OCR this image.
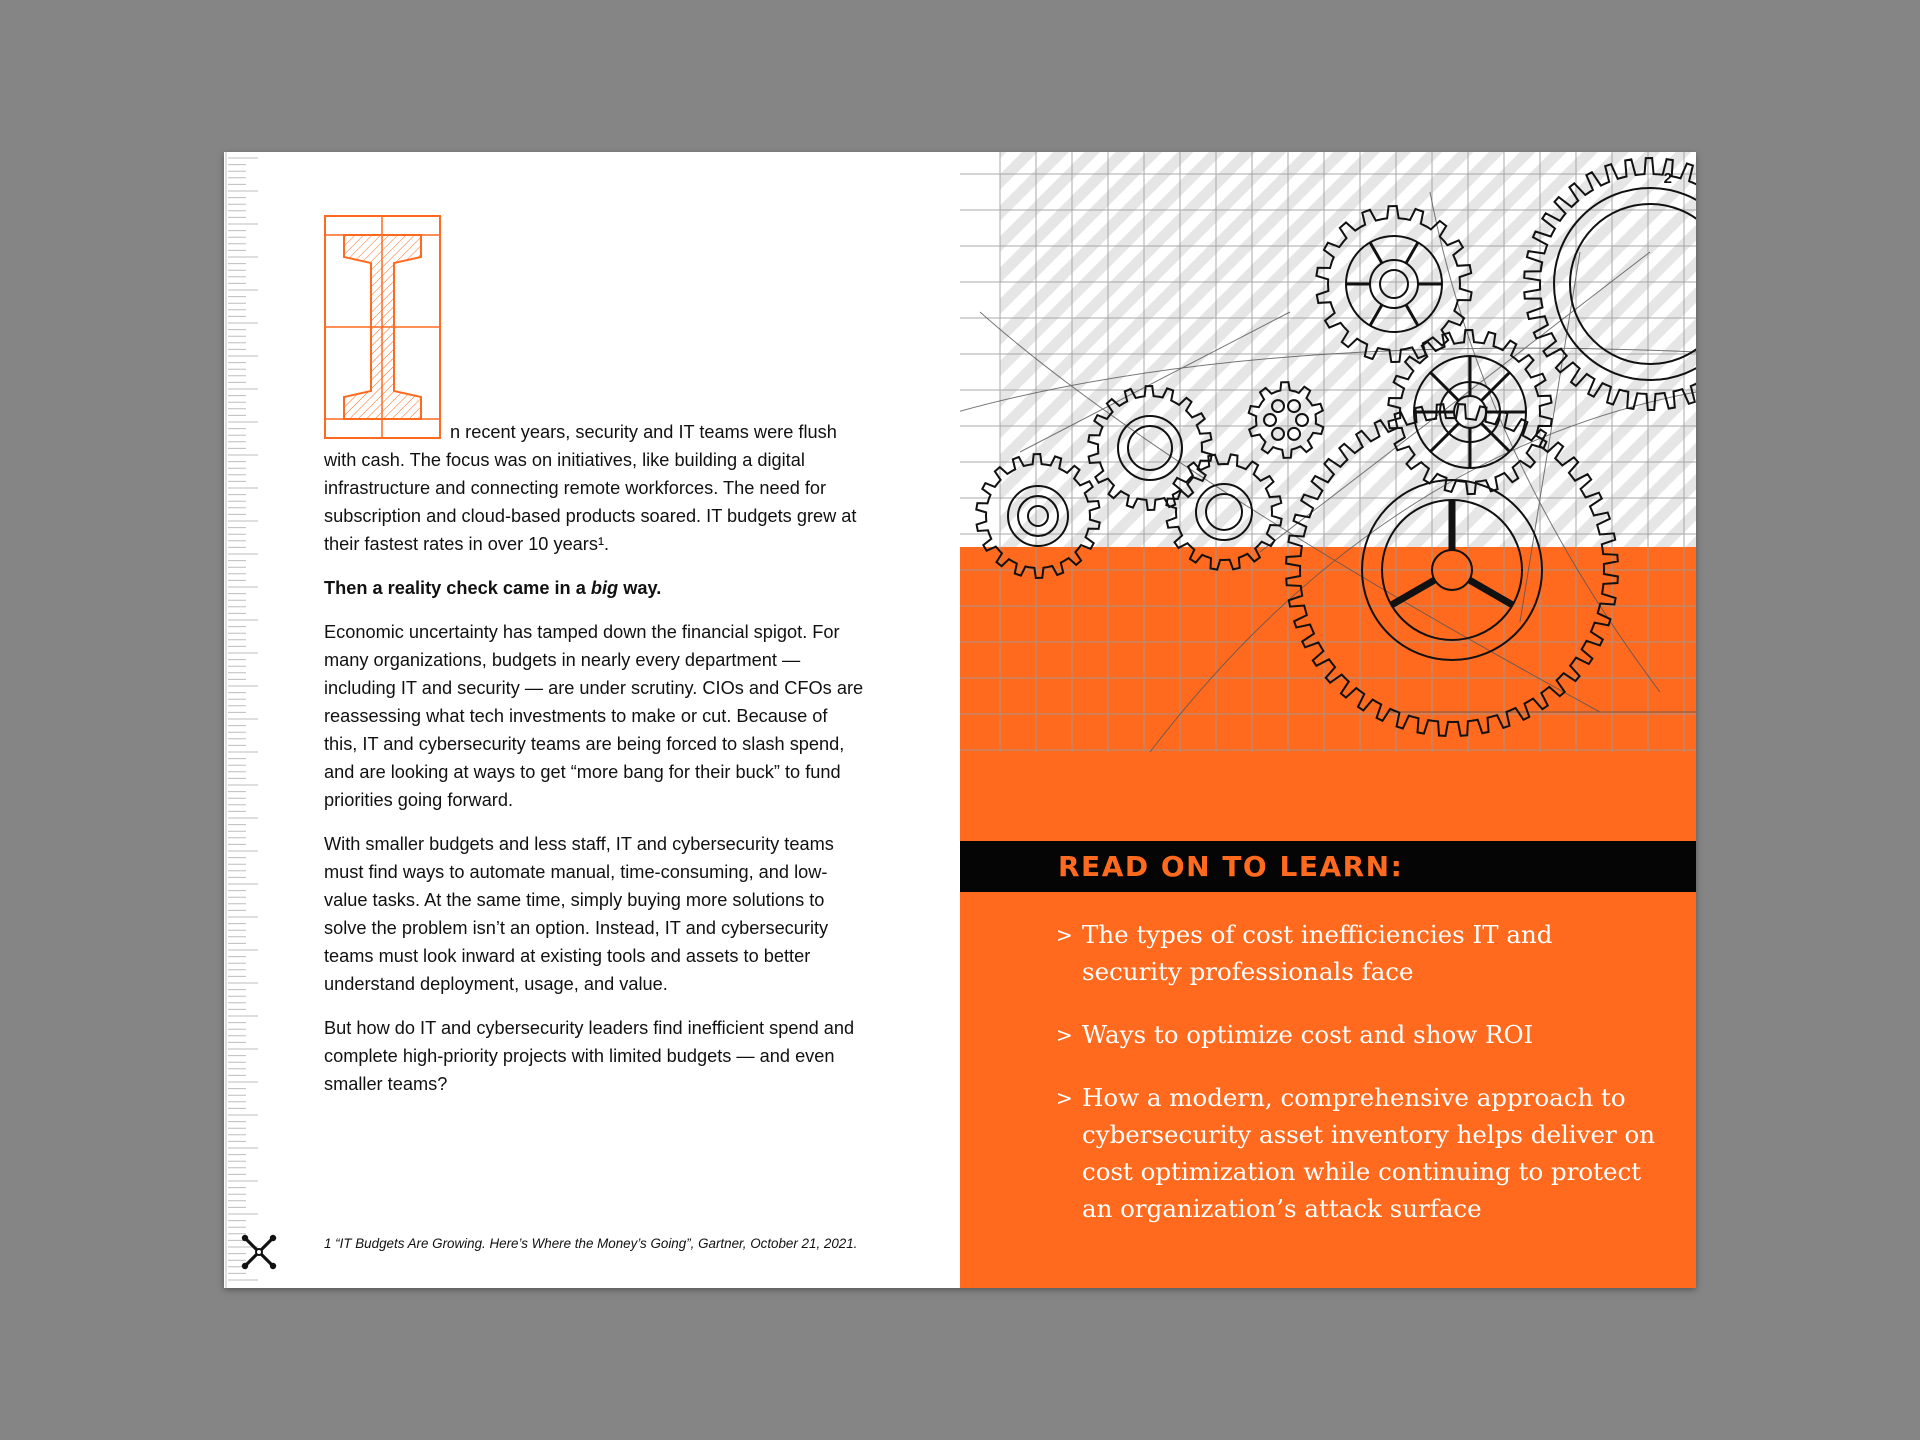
n recent years, security and IT teams were flush with cash. The focus was on initiatives, like building a digital infrastructure and connecting remote workforces. The need for subscription and cloud-based products soared. IT budgets grew at their fastest rates in over 10 years¹.

Then a reality check came in a big way.

Economic uncertainty has tamped down the financial spigot. For many organizations, budgets in nearly every department — including IT and security — are under scrutiny. CIOs and CFOs are reassessing what tech investments to make or cut. Because of this, IT and cybersecurity teams are being forced to slash spend, and are looking at ways to get “more bang for their buck” to fund priorities going forward.

With smaller budgets and less staff, IT and cybersecurity teams must find ways to automate manual, time-consuming, and low-value tasks. At the same time, simply buying more solutions to solve the problem isn’t an option. Instead, IT and cybersecurity teams must look inward at existing tools and assets to better understand deployment, usage, and value.

But how do IT and cybersecurity leaders find inefficient spend and complete high-priority projects with limited budgets — and even smaller teams?

1 “IT Budgets Are Growing. Here’s Where the Money’s Going”, Gartner, October 21, 2021.
2
READ ON TO LEARN:
> The types of cost inefficiencies IT and security professionals face
> Ways to optimize cost and show ROI
> How a modern, comprehensive approach to cybersecurity asset inventory helps deliver on cost optimization while continuing to protect an organization’s attack surface
